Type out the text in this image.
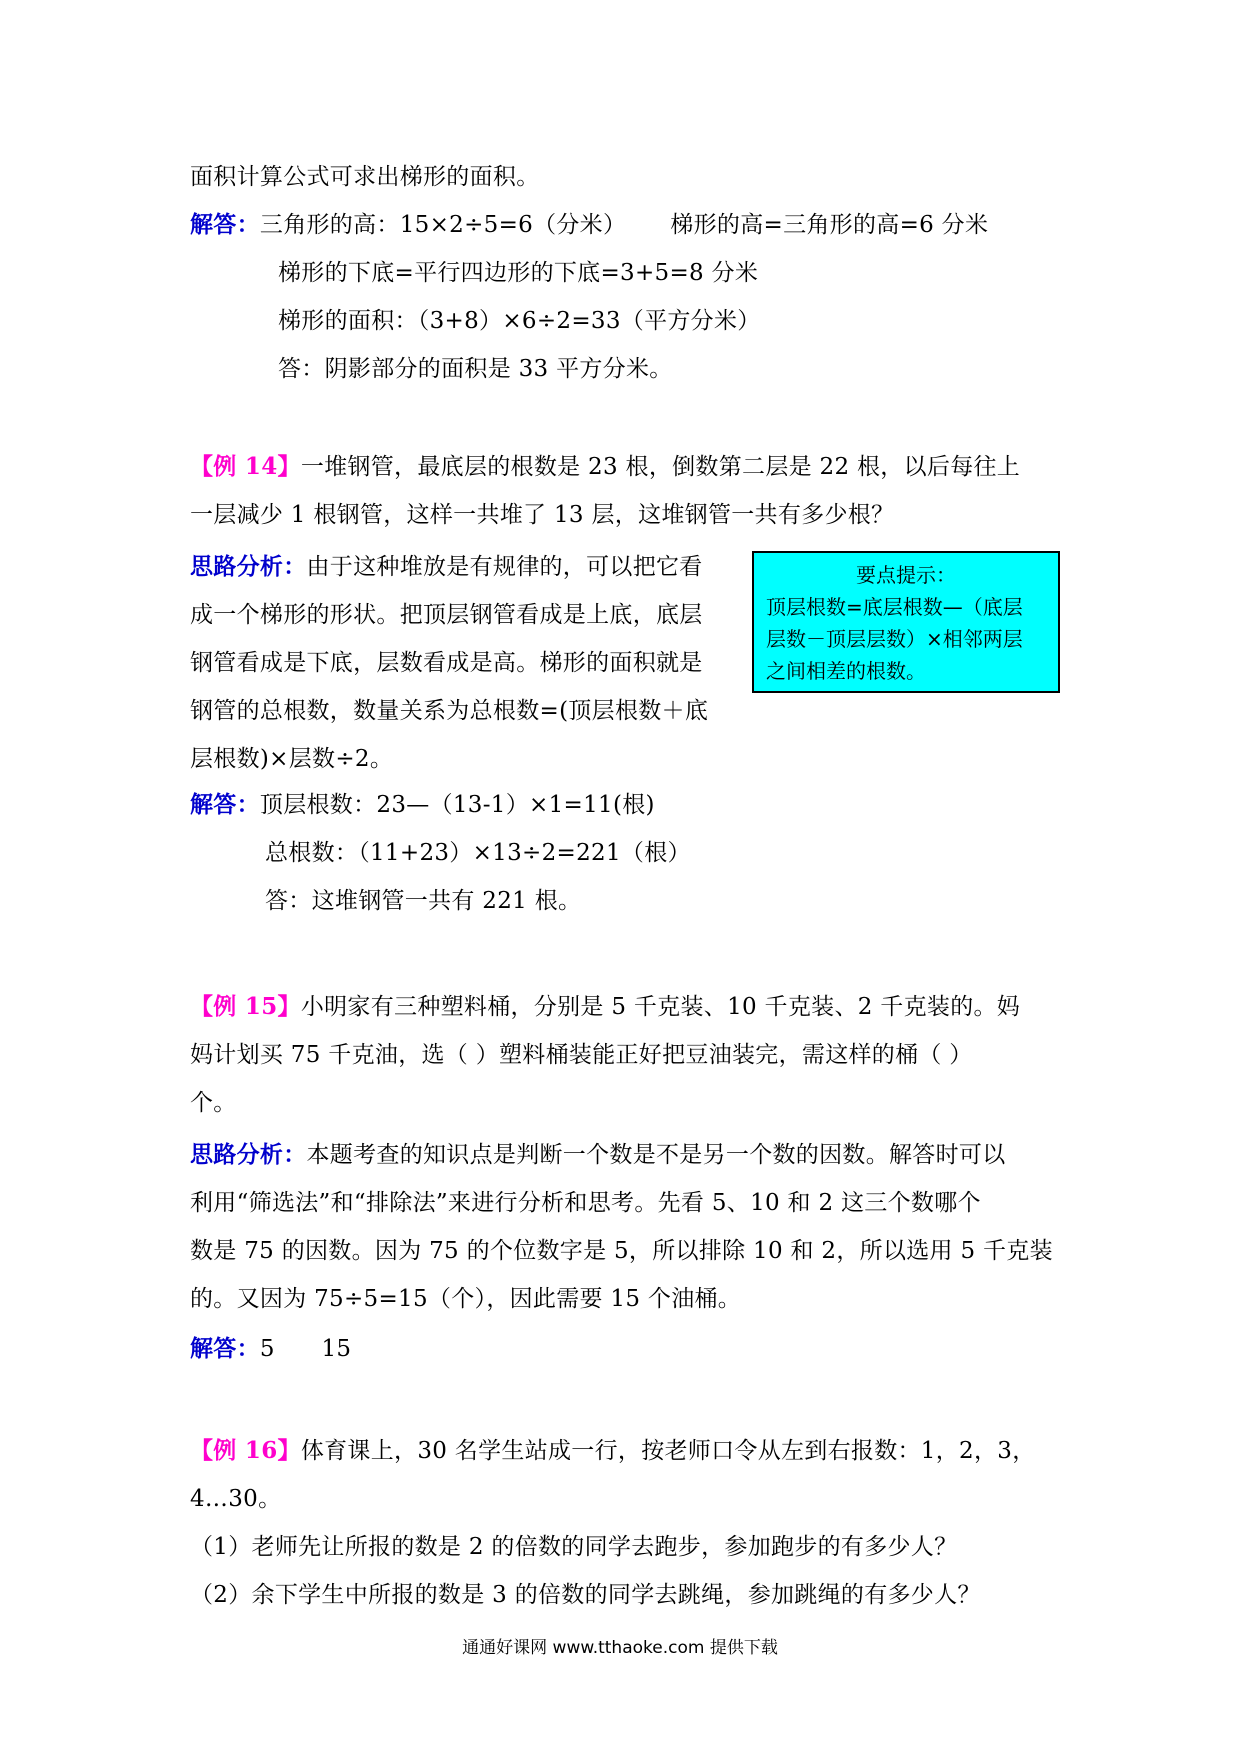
面积计算公式可求出梯形的面积。
解答：三角形的高：15×2÷5=6（分米） 梯形的高=三角形的高=6 分米
梯形的下底=平行四边形的下底=3+5=8 分米
梯形的面积：（3+8）×6÷2=33（平方分米）
答：阴影部分的面积是 33 平方分米。
【例 14】一堆钢管，最底层的根数是 23 根，倒数第二层是 22 根，以后每往上
一层减少 1 根钢管，这样一共堆了 13 层，这堆钢管一共有多少根？
思路分析：由于这种堆放是有规律的，可以把它看
成一个梯形的形状。把顶层钢管看成是上底，底层
钢管看成是下底，层数看成是高。梯形的面积就是
钢管的总根数，数量关系为总根数=(顶层根数＋底
层根数)×层数÷2。
要点提示：
顶层根数=底层根数—（底层
层数－顶层层数）×相邻两层
之间相差的根数。
解答：顶层根数：23—（13-1）×1=11(根)
总根数：（11+23）×13÷2=221（根）
答：这堆钢管一共有 221 根。
【例 15】小明家有三种塑料桶，分别是 5 千克装、10 千克装、2 千克装的。妈
妈计划买 75 千克油，选（ ）塑料桶装能正好把豆油装完，需这样的桶（ ）
个。
思路分析：本题考查的知识点是判断一个数是不是另一个数的因数。解答时可以
利用“筛选法”和“排除法”来进行分析和思考。先看 5、10 和 2 这三个数哪个
数是 75 的因数。因为 75 的个位数字是 5，所以排除 10 和 2，所以选用 5 千克装
的。又因为 75÷5=15（个），因此需要 15 个油桶。
解答：5　　15
【例 16】体育课上，30 名学生站成一行，按老师口令从左到右报数：1，2，3，
4…30。
（1）老师先让所报的数是 2 的倍数的同学去跑步，参加跑步的有多少人？
（2）余下学生中所报的数是 3 的倍数的同学去跳绳，参加跳绳的有多少人？
通通好课网 www.tthaoke.com 提供下载
